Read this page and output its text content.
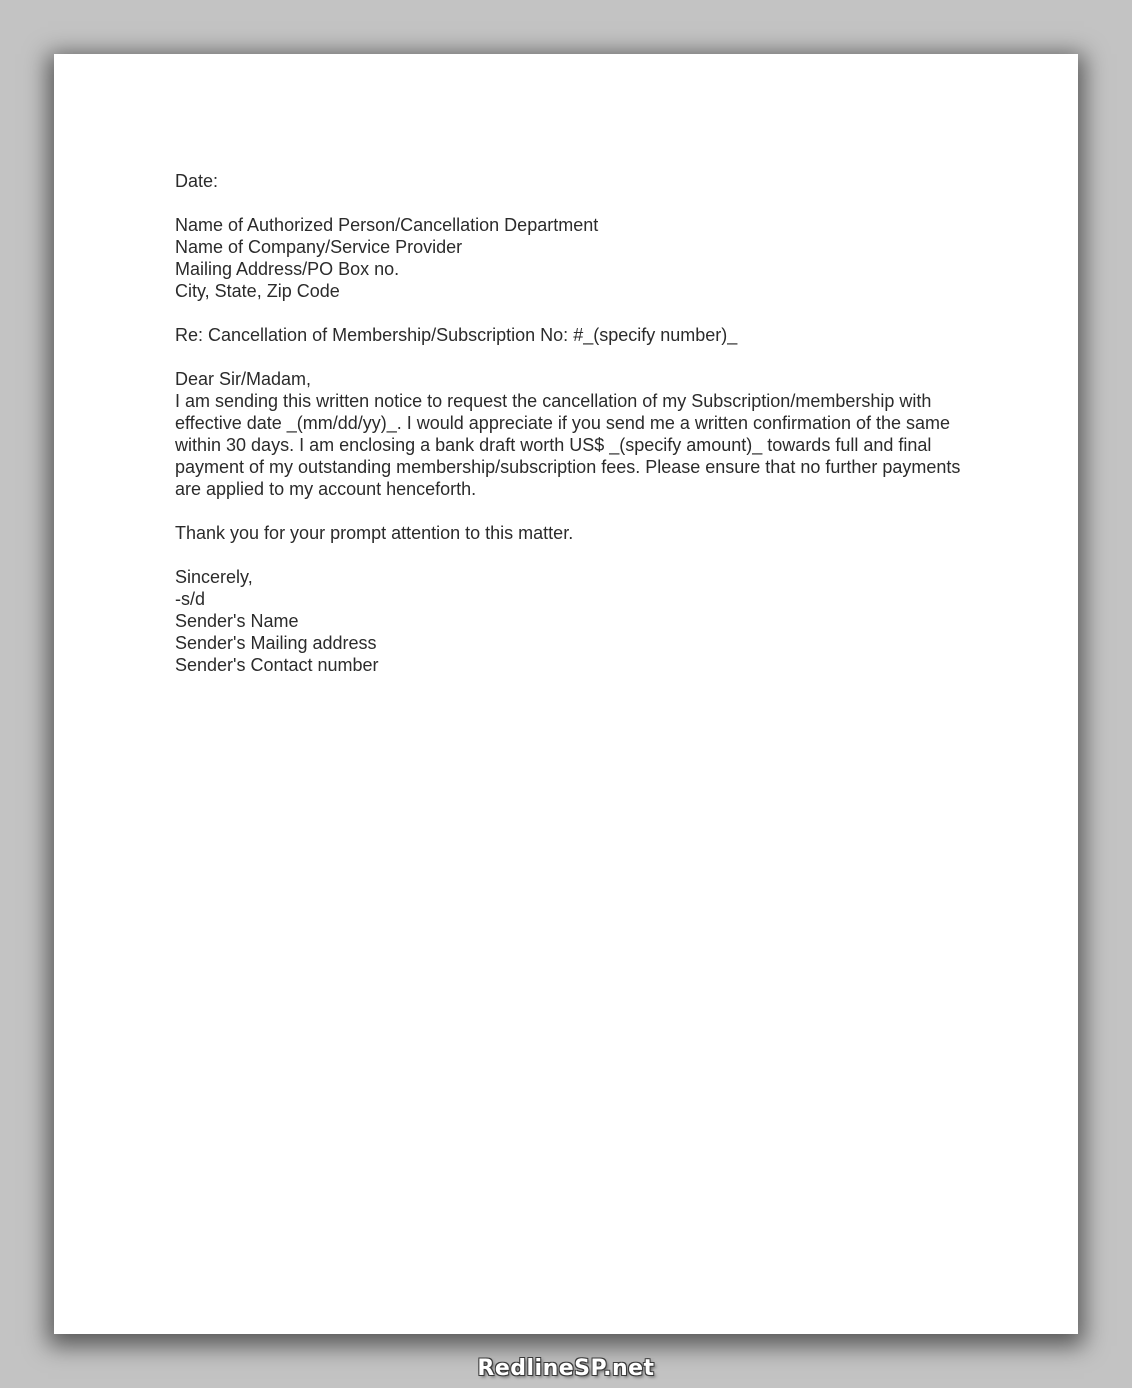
Date:
Name of Authorized Person/Cancellation Department
Name of Company/Service Provider
Mailing Address/PO Box no.
City, State, Zip Code
Re: Cancellation of Membership/Subscription No: #_(specify number)_
Dear Sir/Madam,

I am sending this written notice to request the cancellation of my Subscription/membership with effective date _(mm/dd/yy)_. I would appreciate if you send me a written confirmation of the same within 30 days. I am enclosing a bank draft worth US$ _(specify amount)_ towards full and final payment of my outstanding membership/subscription fees. Please ensure that no further payments are applied to my account henceforth.

Thank you for your prompt attention to this matter.
Sincerely,
-s/d
Sender's Name
Sender's Mailing address
Sender's Contact number
RedlineSP.net
